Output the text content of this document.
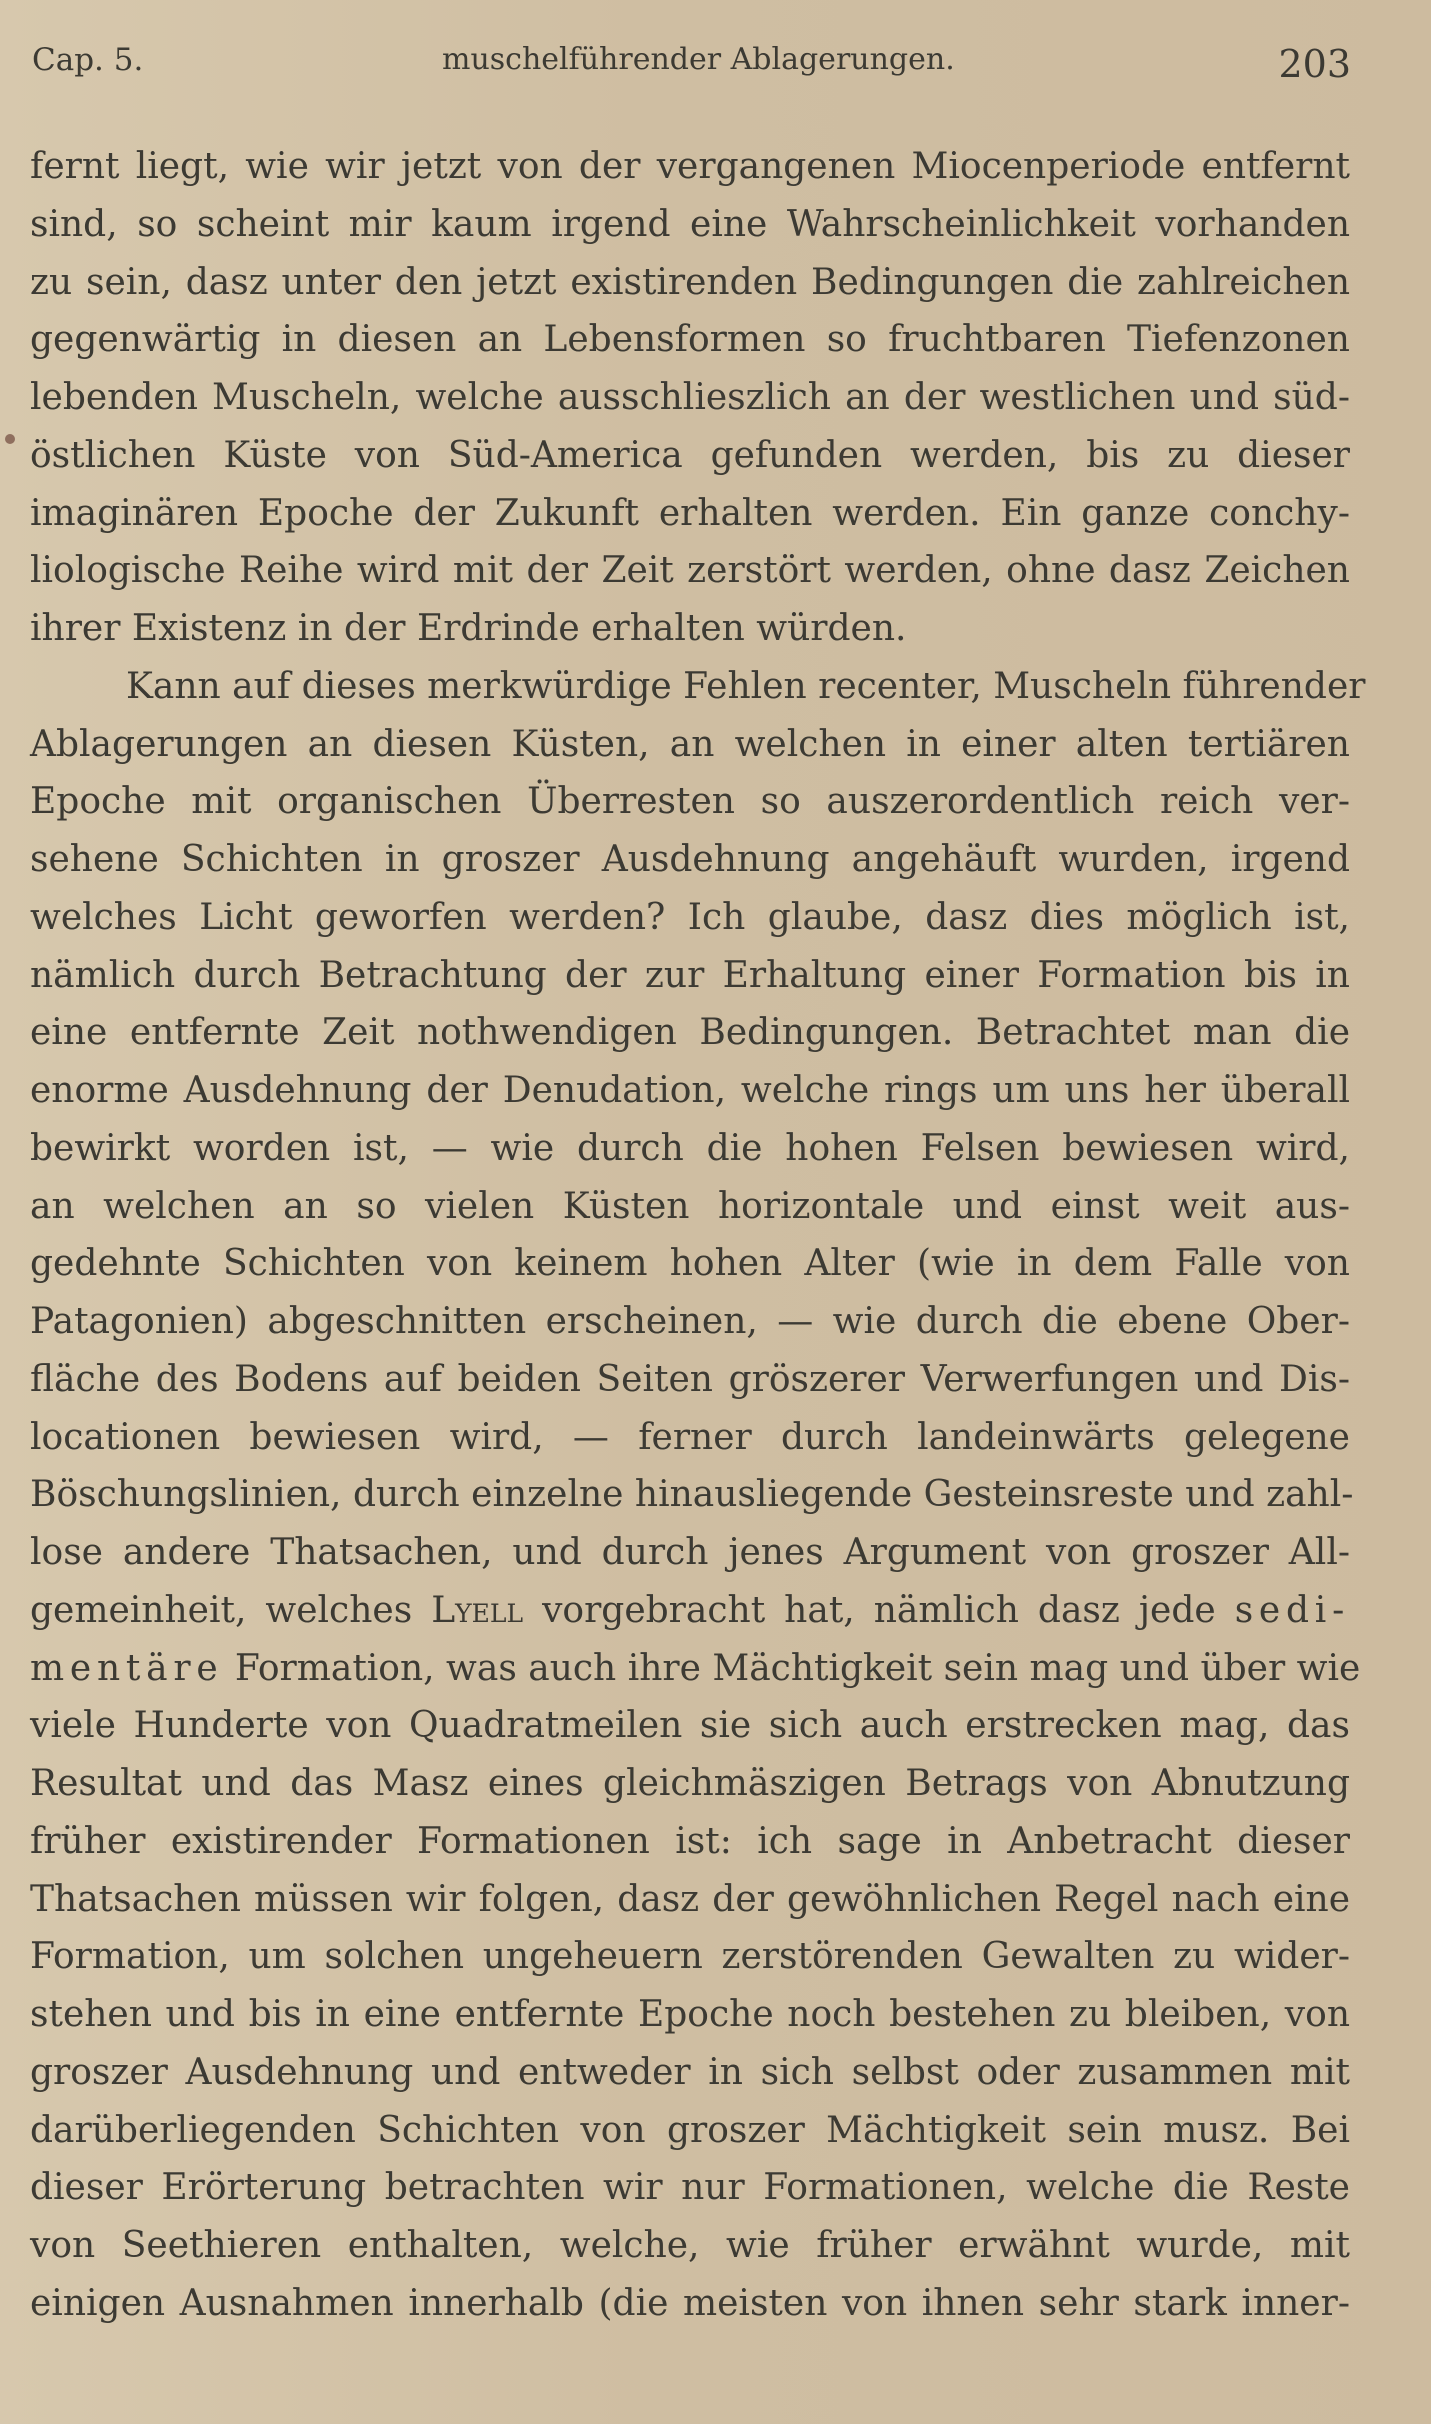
Cap. 5.	muschelführender Ablagerungen.	203
fernt liegt, wie wir jetzt von der vergangenen Miocenperiode entfernt
sind, so scheint mir kaum irgend eine Wahrscheinlichkeit vorhanden
zu sein, dasz unter den jetzt existirenden Bedingungen die zahlreichen
gegenwärtig in diesen an Lebensformen so fruchtbaren Tiefenzonen
lebenden Muscheln, welche ausschlieszlich an der westlichen und süd-
östlichen Küste von Süd-America gefunden werden, bis zu dieser
imaginären Epoche der Zukunft erhalten werden. Ein ganze conchy-
liologische Reihe wird mit der Zeit zerstört werden, ohne dasz Zeichen
ihrer Existenz in der Erdrinde erhalten würden.
Kann auf dieses merkwürdige Fehlen recenter, Muscheln führender
Ablagerungen an diesen Küsten, an welchen in einer alten tertiären
Epoche mit organischen Überresten so auszerordentlich reich ver-
sehene Schichten in groszer Ausdehnung angehäuft wurden, irgend
welches Licht geworfen werden? Ich glaube, dasz dies möglich ist,
nämlich durch Betrachtung der zur Erhaltung einer Formation bis in
eine entfernte Zeit nothwendigen Bedingungen. Betrachtet man die
enorme Ausdehnung der Denudation, welche rings um uns her überall
bewirkt worden ist, — wie durch die hohen Felsen bewiesen wird,
an welchen an so vielen Küsten horizontale und einst weit aus-
gedehnte Schichten von keinem hohen Alter (wie in dem Falle von
Patagonien) abgeschnitten erscheinen, — wie durch die ebene Ober-
fläche des Bodens auf beiden Seiten gröszerer Verwerfungen und Dis-
locationen bewiesen wird, — ferner durch landeinwärts gelegene
Böschungslinien, durch einzelne hinausliegende Gesteinsreste und zahl-
lose andere Thatsachen, und durch jenes Argument von groszer All-
gemeinheit, welches Lyell vorgebracht hat, nämlich dasz jede sedi-
mentäre Formation, was auch ihre Mächtigkeit sein mag und über wie
viele Hunderte von Quadratmeilen sie sich auch erstrecken mag, das
Resultat und das Masz eines gleichmäszigen Betrags von Abnutzung
früher existirender Formationen ist: ich sage in Anbetracht dieser
Thatsachen müssen wir folgen, dasz der gewöhnlichen Regel nach eine
Formation, um solchen ungeheuern zerstörenden Gewalten zu wider-
stehen und bis in eine entfernte Epoche noch bestehen zu bleiben, von
groszer Ausdehnung und entweder in sich selbst oder zusammen mit
darüberliegenden Schichten von groszer Mächtigkeit sein musz. Bei
dieser Erörterung betrachten wir nur Formationen, welche die Reste
von Seethieren enthalten, welche, wie früher erwähnt wurde, mit
einigen Ausnahmen innerhalb (die meisten von ihnen sehr stark inner-
